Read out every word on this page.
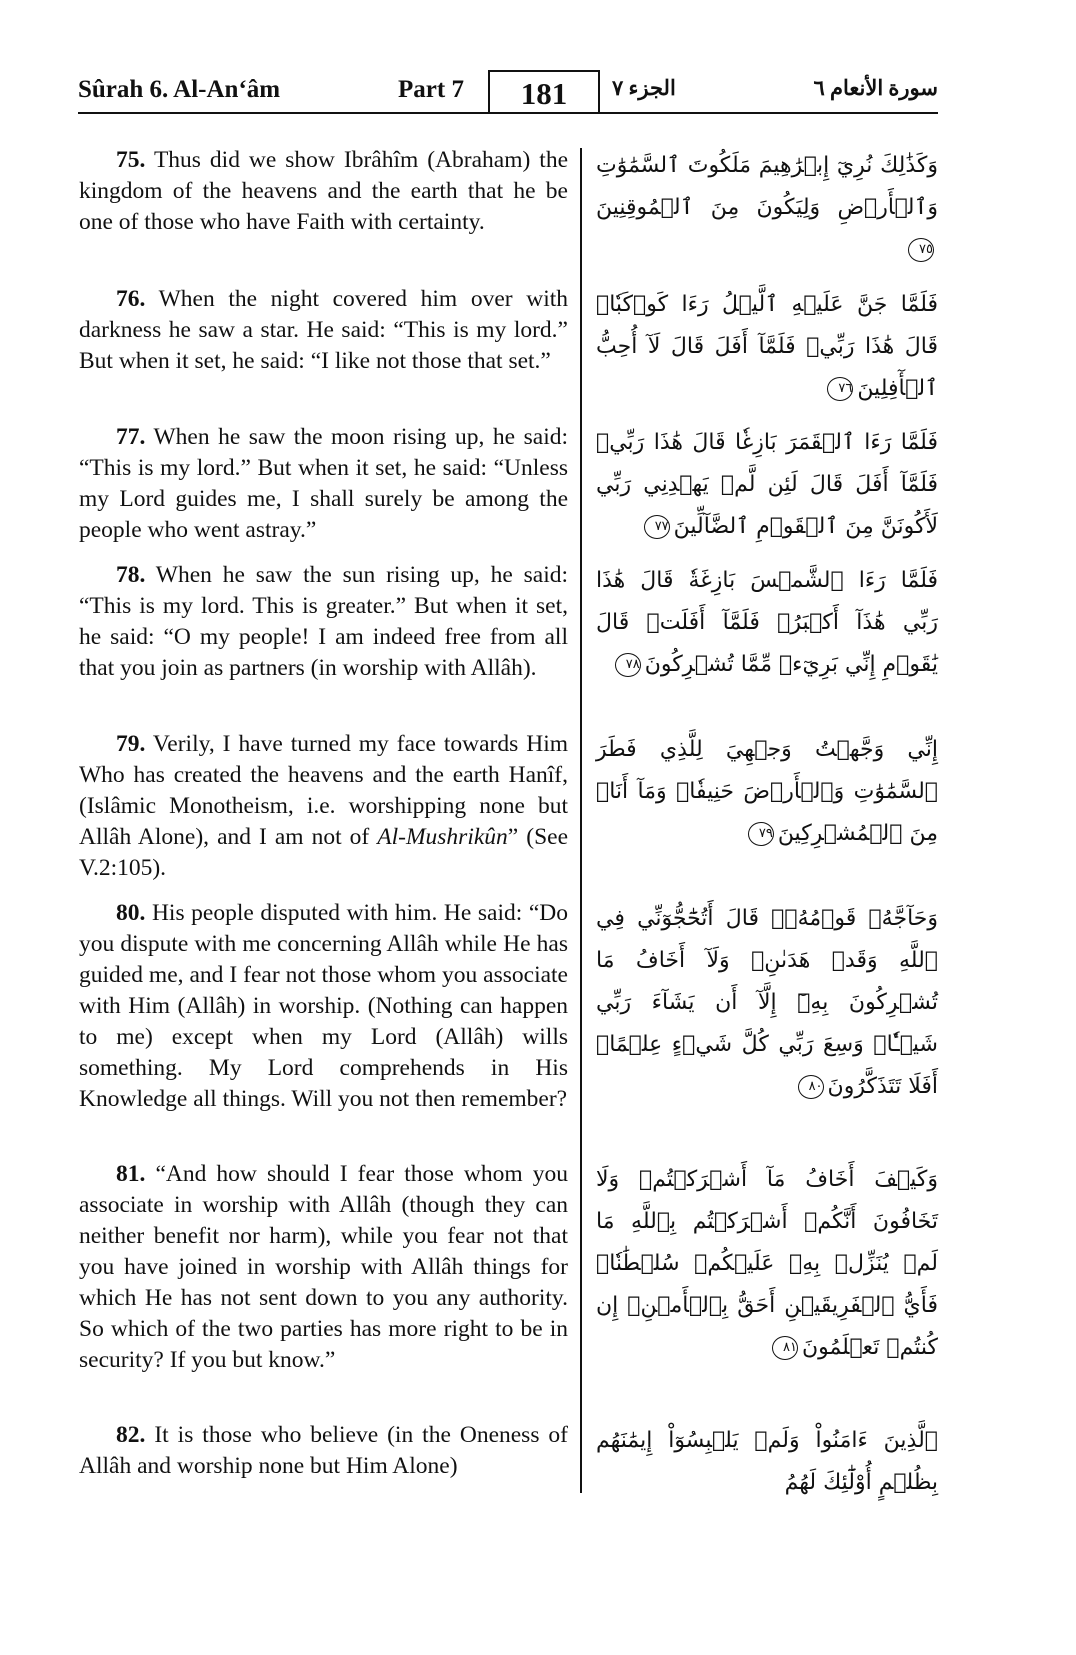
Sûrah 6. Al-An‘âm	Part 7	181	الجزء ٧	سورة الأنعام ٦
75. Thus did we show Ibrâhîm (Abraham) the kingdom of the heavens and the earth that he be one of those who have Faith with certainty.
وَكَذَٰلِكَ نُرِيٓ إِبۡرَٰهِيمَ مَلَكُوتَ ٱلسَّمَٰوَٰتِ وَٱلۡأَرۡضِ وَلِيَكُونَ مِنَ ٱلۡمُوقِنِينَ٧٥
76. When the night covered him over with darkness he saw a star. He said: “This is my lord.” But when it set, he said: “I like not those that set.”
فَلَمَّا جَنَّ عَلَيۡهِ ٱلَّيۡلُ رَءَا كَوۡكَبٗاۖ قَالَ هَٰذَا رَبِّيۖ فَلَمَّآ أَفَلَ قَالَ لَآ أُحِبُّ ٱلۡأٓفِلِينَ٧٦
77. When he saw the moon rising up, he said: “This is my lord.” But when it set, he said: “Unless my Lord guides me, I shall surely be among the people who went astray.”
فَلَمَّا رَءَا ٱلۡقَمَرَ بَازِغٗا قَالَ هَٰذَا رَبِّيۖ فَلَمَّآ أَفَلَ قَالَ لَئِن لَّمۡ يَهۡدِنِي رَبِّي لَأَكُونَنَّ مِنَ ٱلۡقَوۡمِ ٱلضَّآلِّينَ٧٧
78. When he saw the sun rising up, he said: “This is my lord. This is greater.” But when it set, he said: “O my people! I am indeed free from all that you join as partners (in worship with Allâh).
فَلَمَّا رَءَا ٱلشَّمۡسَ بَازِغَةٗ قَالَ هَٰذَا رَبِّي هَٰذَآ أَكۡبَرُۖ فَلَمَّآ أَفَلَتۡ قَالَ يَٰقَوۡمِ إِنِّي بَرِيٓءٞ مِّمَّا تُشۡرِكُونَ٧٨
79. Verily, I have turned my face towards Him Who has created the heavens and the earth Hanîf, (Islâmic Monotheism, i.e. worshipping none but Allâh Alone), and I am not of Al-Mushrikûn” (See V.2:105).
إِنِّي وَجَّهۡتُ وَجۡهِيَ لِلَّذِي فَطَرَ ٱلسَّمَٰوَٰتِ وَٱلۡأَرۡضَ حَنِيفٗاۖ وَمَآ أَنَا۠ مِنَ ٱلۡمُشۡرِكِينَ٧٩
80. His people disputed with him. He said: “Do you dispute with me concerning Allâh while He has guided me, and I fear not those whom you associate with Him (Allâh) in worship. (Nothing can happen to me) except when my Lord (Allâh) wills something. My Lord comprehends in His Knowledge all things. Will you not then remember?
وَحَآجَّهُۥ قَوۡمُهُۥۚ قَالَ أَتُحَٰٓجُّوٓنِّي فِي ٱللَّهِ وَقَدۡ هَدَىٰنِۚ وَلَآ أَخَافُ مَا تُشۡرِكُونَ بِهِۦٓ إِلَّآ أَن يَشَآءَ رَبِّي شَيۡـٔٗاۚ وَسِعَ رَبِّي كُلَّ شَيۡءٍ عِلۡمًاۚ أَفَلَا تَتَذَكَّرُونَ٨٠
81. “And how should I fear those whom you associate in worship with Allâh (though they can neither benefit nor harm), while you fear not that you have joined in worship with Allâh things for which He has not sent down to you any authority. So which of the two parties has more right to be in security? If you but know.”
وَكَيۡفَ أَخَافُ مَآ أَشۡرَكۡتُمۡ وَلَا تَخَافُونَ أَنَّكُمۡ أَشۡرَكۡتُم بِٱللَّهِ مَا لَمۡ يُنَزِّلۡ بِهِۦ عَلَيۡكُمۡ سُلۡطَٰنٗاۚ فَأَيُّ ٱلۡفَرِيقَيۡنِ أَحَقُّ بِٱلۡأَمۡنِۖ إِن كُنتُمۡ تَعۡلَمُونَ٨١
82. It is those who believe (in the Oneness of Allâh and worship none but Him Alone)
ٱلَّذِينَ ءَامَنُواْ وَلَمۡ يَلۡبِسُوٓاْ إِيمَٰنَهُم بِظُلۡمٍ أُوْلَٰٓئِكَ لَهُمُ
